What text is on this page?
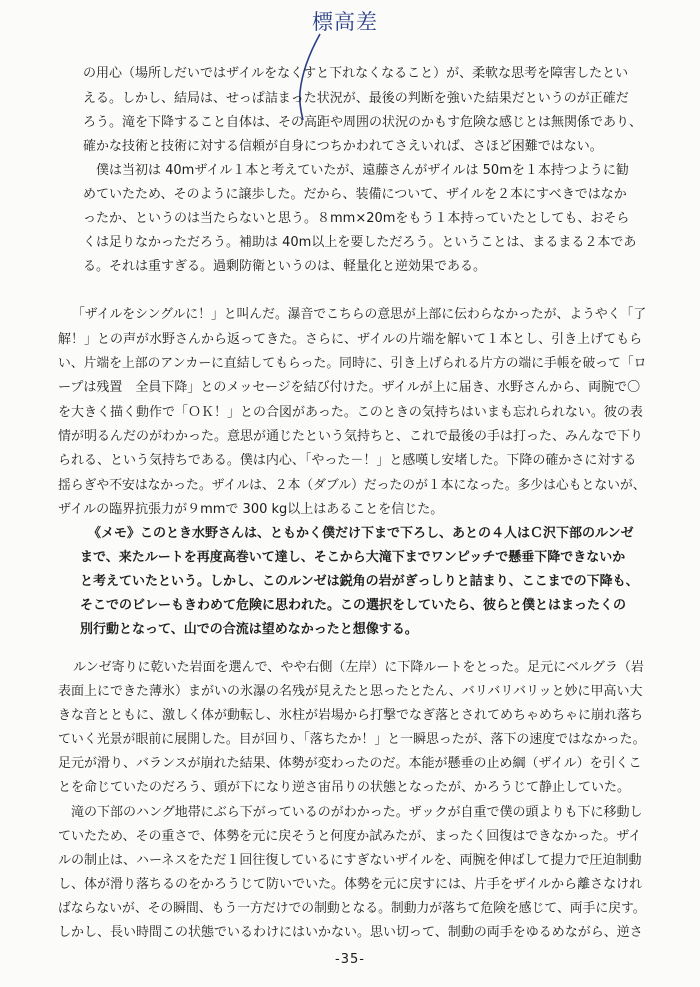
標高差
の用心（場所しだいではザイルをなくすと下れなくなること）が、柔軟な思考を障害したとい
える。しかし、結局は、せっぱ詰まった状況が、最後の判断を強いた結果だというのが正確だ
ろう。滝を下降すること自体は、その高距や周囲の状況のかもす危険な感じとは無関係であり、
確かな技術と技術に対する信頼が自身につちかわれてさえいれば、さほど困難ではない。
　僕は当初は 40mザイル１本と考えていたが、遠藤さんがザイルは 50mを１本持つように勧
めていたため、そのように譲歩した。だから、装備について、ザイルを２本にすべきではなか
ったか、というのは当たらないと思う。８mm×20mをもう１本持っていたとしても、おそら
くは足りなかっただろう。補助は 40m以上を要しただろう。ということは、まるまる２本であ
る。それは重すぎる。過剰防衛というのは、軽量化と逆効果である。
「ザイルをシングルに！」と叫んだ。瀑音でこちらの意思が上部に伝わらなかったが、ようやく「了
解！」との声が水野さんから返ってきた。さらに、ザイルの片端を解いて１本とし、引き上げてもら
い、片端を上部のアンカーに直結してもらった。同時に、引き上げられる片方の端に手帳を破って「ロ
ープは残置　全員下降」とのメッセージを結び付けた。ザイルが上に届き、水野さんから、両腕で〇
を大きく描く動作で「ＯＫ！」との合図があった。このときの気持ちはいまも忘れられない。彼の表
情が明るんだのがわかった。意思が通じたという気持ちと、これで最後の手は打った、みんなで下り
られる、という気持ちである。僕は内心、「やった－！」と感嘆し安堵した。下降の確かさに対する
揺らぎや不安はなかった。ザイルは、２本（ダブル）だったのが１本になった。多少は心もとないが、
ザイルの臨界抗張力が９mmで 300 kg以上はあることを信じた。
《メモ》このとき水野さんは、ともかく僕だけ下まで下ろし、あとの４人はＣ沢下部のルンゼ
まで、来たルートを再度高巻いて達し、そこから大滝下までワンピッチで懸垂下降できないか
と考えていたという。しかし、このルンゼは鋭角の岩がぎっしりと詰まり、ここまでの下降も、
そこでのビレーもきわめて危険に思われた。この選択をしていたら、彼らと僕とはまったくの
別行動となって、山での合流は望めなかったと想像する。
ルンゼ寄りに乾いた岩面を選んで、やや右側（左岸）に下降ルートをとった。足元にベルグラ（岩
表面上にできた薄氷）まがいの氷瀑の名残が見えたと思ったとたん、バリバリバリッと妙に甲高い大
きな音とともに、激しく体が動転し、氷柱が岩場から打撃でなぎ落とされてめちゃめちゃに崩れ落ち
ていく光景が眼前に展開した。目が回り、「落ちたか！」と一瞬思ったが、落下の速度ではなかった。
足元が滑り、バランスが崩れた結果、体勢が変わったのだ。本能が懸垂の止め綱（ザイル）を引くこ
とを命じていたのだろう、頭が下になり逆さ宙吊りの状態となったが、かろうじて静止していた。
　滝の下部のハング地帯にぶら下がっているのがわかった。ザックが自重で僕の頭よりも下に移動し
ていたため、その重さで、体勢を元に戻そうと何度か試みたが、まったく回復はできなかった。ザイ
ルの制止は、ハーネスをただ１回往復しているにすぎないザイルを、両腕を伸ばして提力で圧迫制動
し、体が滑り落ちるのをかろうじて防いでいた。体勢を元に戻すには、片手をザイルから離さなけれ
ばならないが、その瞬間、もう一方だけでの制動となる。制動力が落ちて危険を感じて、両手に戻す。
しかし、長い時間この状態でいるわけにはいかない。思い切って、制動の両手をゆるめながら、逆さ
-35-
